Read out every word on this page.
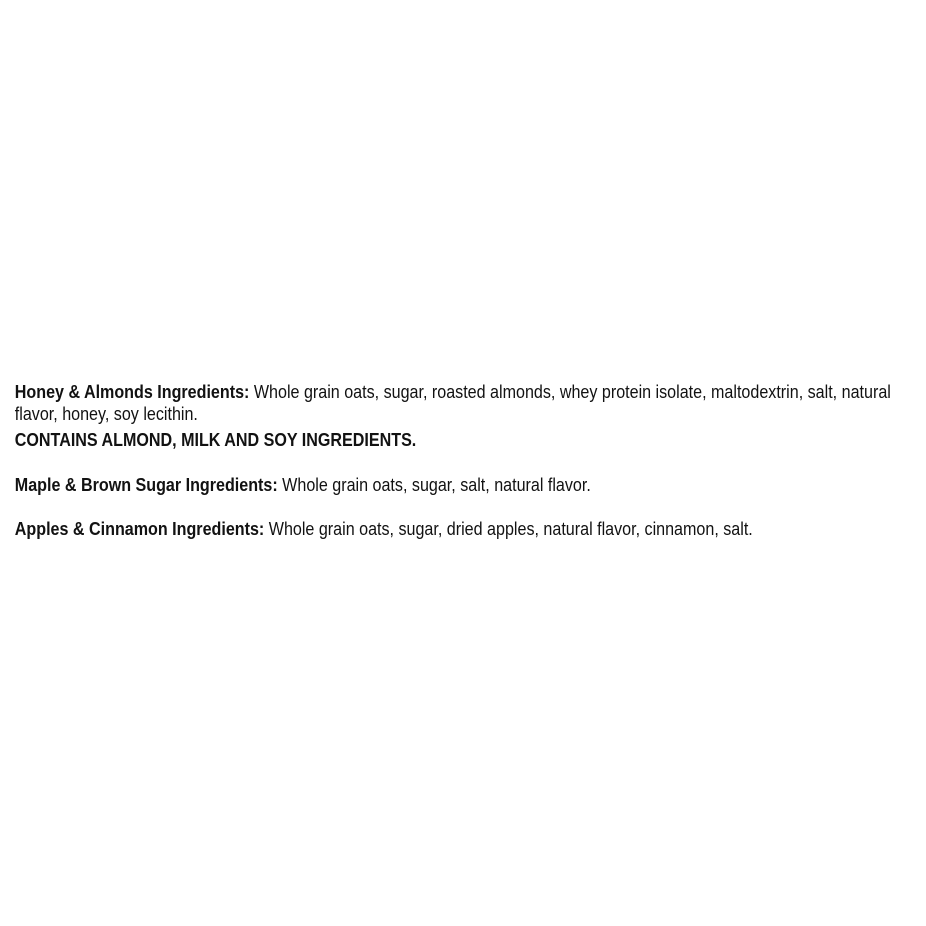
Honey & Almonds Ingredients: Whole grain oats, sugar, roasted almonds, whey protein isolate, maltodextrin, salt, natural flavor, honey, soy lecithin.

CONTAINS ALMOND, MILK AND SOY INGREDIENTS.

Maple & Brown Sugar Ingredients: Whole grain oats, sugar, salt, natural flavor.

Apples & Cinnamon Ingredients: Whole grain oats, sugar, dried apples, natural flavor, cinnamon, salt.
